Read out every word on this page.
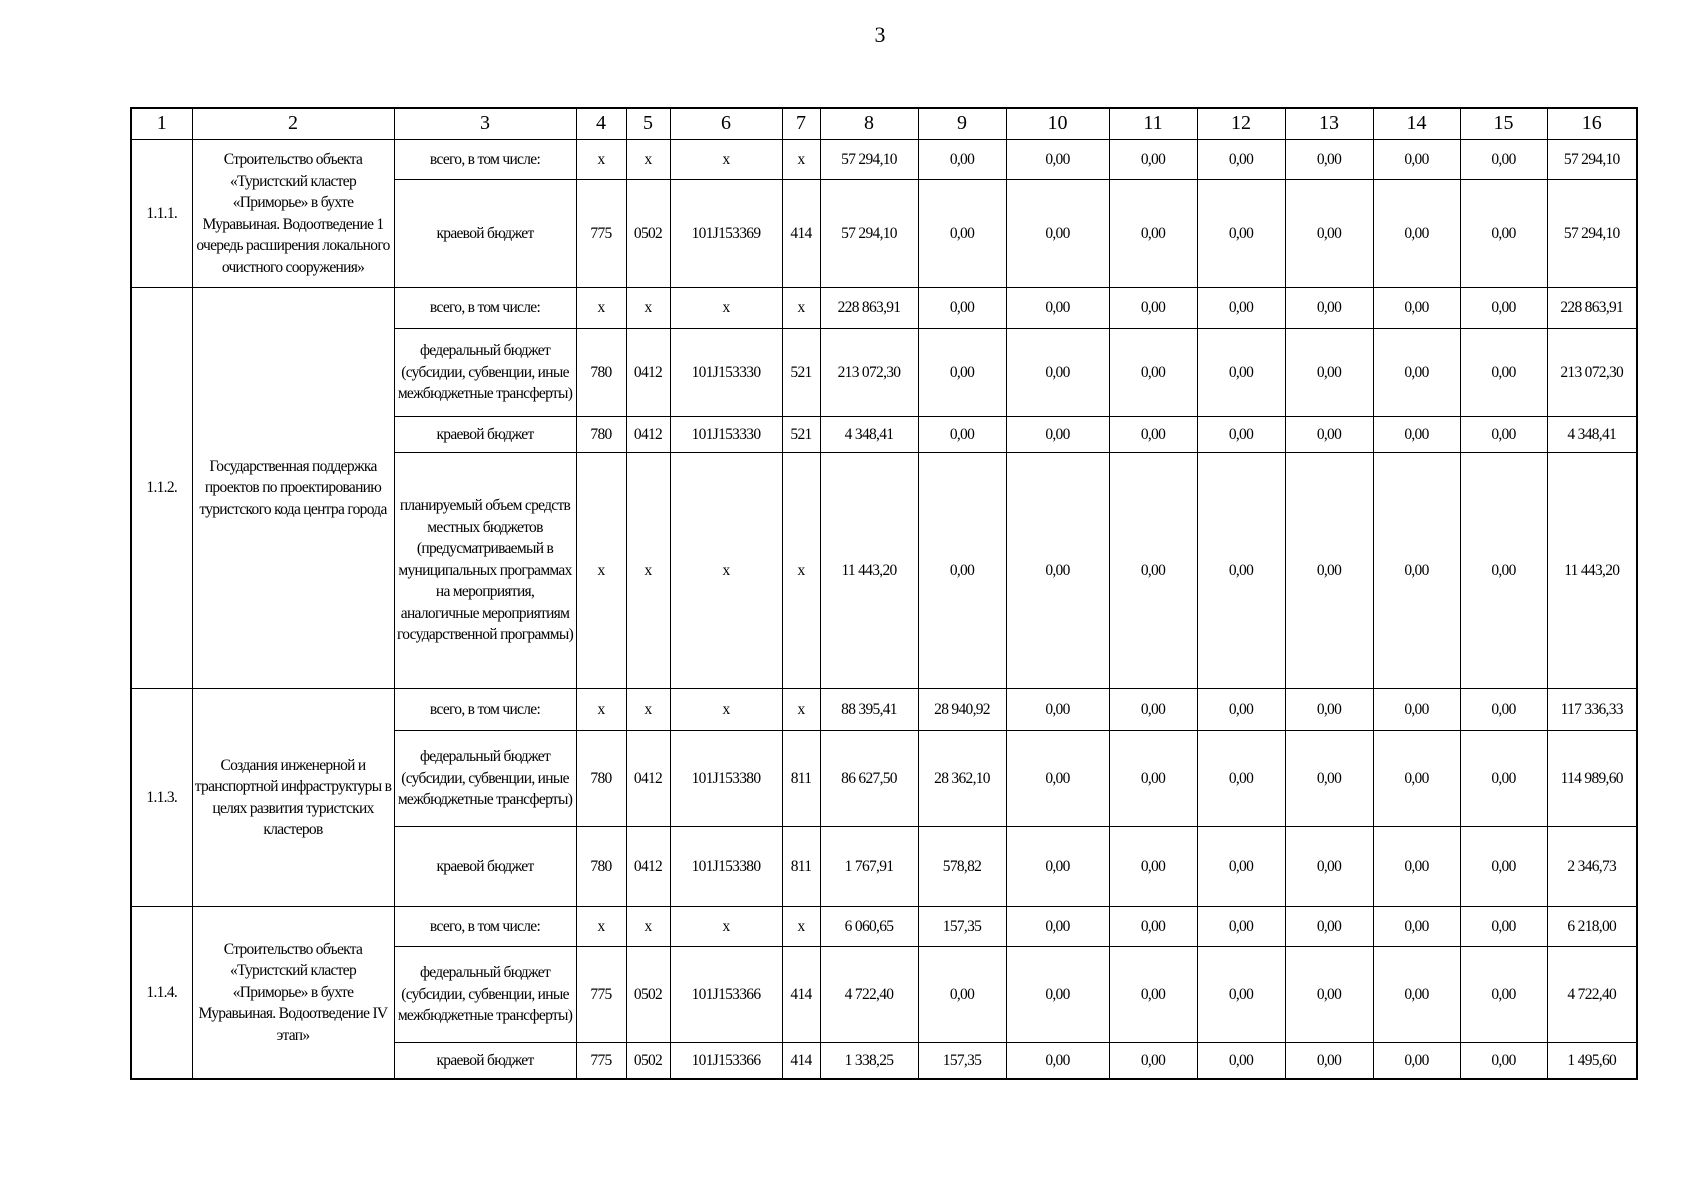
3
1	2	3	4	5	6	7	8	9	10	11	12	13	14	15	16
1.1.1.	Строительство объекта «Туристский кластер «Приморье» в бухте Муравьиная. Водоотведение 1 очередь расширения локального очистного сооружения»	всего, в том числе:	х	х	х	х	57 294,10	0,00	0,00	0,00	0,00	0,00	0,00	0,00	57 294,10
		краевой бюджет	775	0502	101J153369	414	57 294,10	0,00	0,00	0,00	0,00	0,00	0,00	0,00	57 294,10
1.1.2.	Государственная поддержка проектов по проектированию туристского кода центра города	всего, в том числе:	х	х	х	х	228 863,91	0,00	0,00	0,00	0,00	0,00	0,00	0,00	228 863,91
		федеральный бюджет (субсидии, субвенции, иные межбюджетные трансферты)	780	0412	101J153330	521	213 072,30	0,00	0,00	0,00	0,00	0,00	0,00	0,00	213 072,30
		краевой бюджет	780	0412	101J153330	521	4 348,41	0,00	0,00	0,00	0,00	0,00	0,00	0,00	4 348,41
		планируемый объем средств местных бюджетов (предусматриваемый в муниципальных программах на мероприятия, аналогичные мероприятиям государственной программы)	х	х	х	х	11 443,20	0,00	0,00	0,00	0,00	0,00	0,00	0,00	11 443,20
1.1.3.	Создания инженерной и транспортной инфраструктуры в целях развития туристских кластеров	всего, в том числе:	х	х	х	х	88 395,41	28 940,92	0,00	0,00	0,00	0,00	0,00	0,00	117 336,33
		федеральный бюджет (субсидии, субвенции, иные межбюджетные трансферты)	780	0412	101J153380	811	86 627,50	28 362,10	0,00	0,00	0,00	0,00	0,00	0,00	114 989,60
		краевой бюджет	780	0412	101J153380	811	1 767,91	578,82	0,00	0,00	0,00	0,00	0,00	0,00	2 346,73
1.1.4.	Строительство объекта «Туристский кластер «Приморье» в бухте Муравьиная. Водоотведение IV этап»	всего, в том числе:	х	х	х	х	6 060,65	157,35	0,00	0,00	0,00	0,00	0,00	0,00	6 218,00
		федеральный бюджет (субсидии, субвенции, иные межбюджетные трансферты)	775	0502	101J153366	414	4 722,40	0,00	0,00	0,00	0,00	0,00	0,00	0,00	4 722,40
		краевой бюджет	775	0502	101J153366	414	1 338,25	157,35	0,00	0,00	0,00	0,00	0,00	0,00	1 495,60
